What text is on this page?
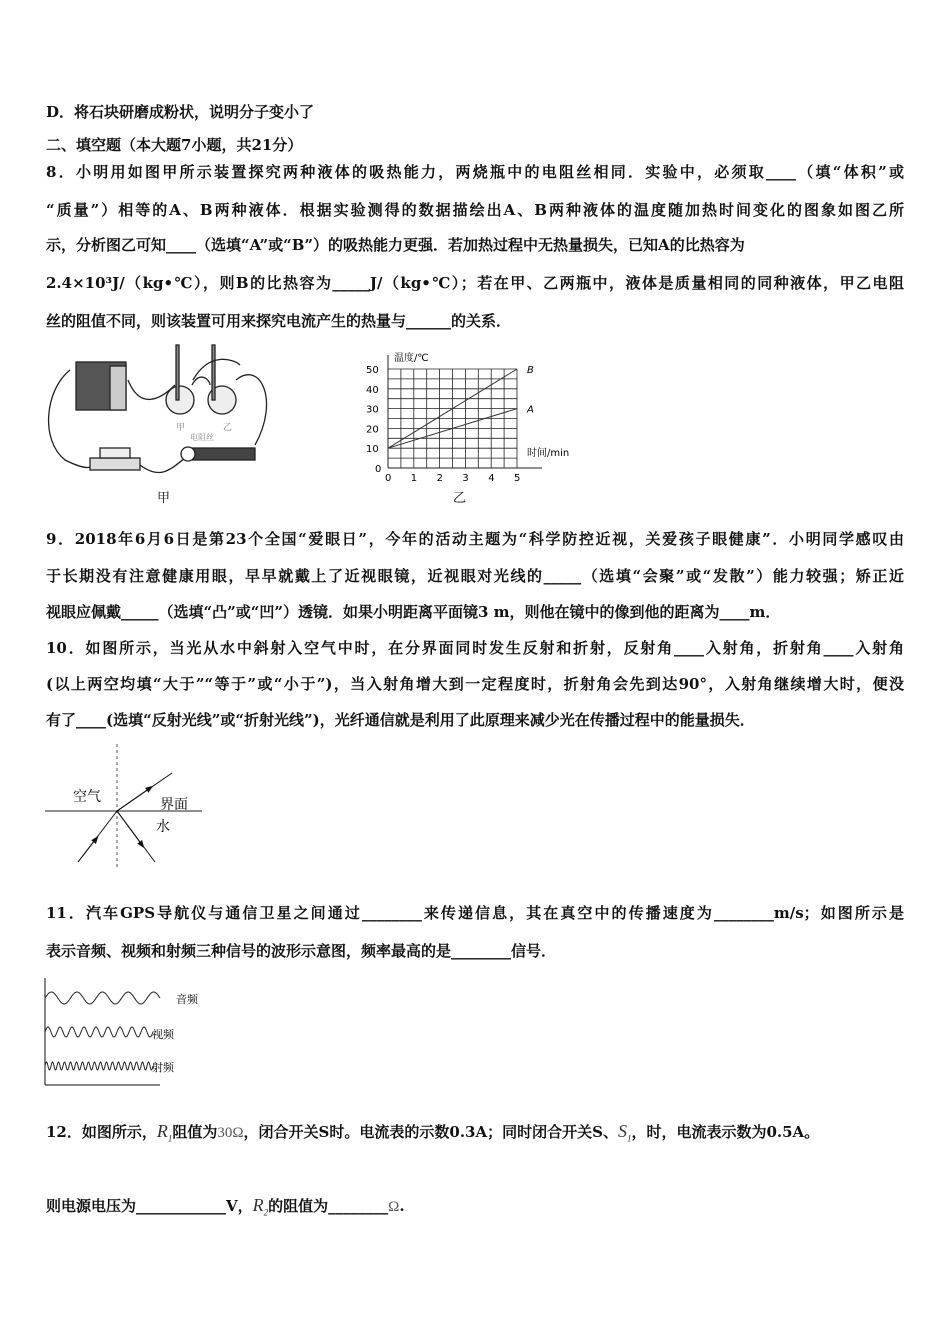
D．将石块研磨成粉状，说明分子变小了
二、填空题（本大题7小题，共21分）
8．小明用如图甲所示装置探究两种液体的吸热能力，两烧瓶中的电阻丝相同．实验中，必须取____（填“体积”或
“质量”）相等的A、B两种液体．根据实验测得的数据描绘出A、B两种液体的温度随加热时间变化的图象如图乙所
示，分析图乙可知____（选填“A”或“B”）的吸热能力更强．若加热过程中无热量损失，已知A的比热容为
2.4×10³J/（kg•℃），则B的比热容为_____J/（kg•℃）；若在甲、乙两瓶中，液体是质量相同的同种液体，甲乙电阻
丝的阻值不同，则该装置可用来探究电流产生的热量与______的关系．
甲	乙
电阻丝
甲
0 1 2 3 4 5
10
20
30
40
50
0
温度/℃
时间/min
B
A
乙
9．2018年6月6日是第23个全国“爱眼日”，今年的活动主题为“科学防控近视，关爱孩子眼健康”．小明同学感叹由
于长期没有注意健康用眼，早早就戴上了近视眼镜，近视眼对光线的_____（选填“会聚”或“发散”）能力较强；矫正近
视眼应佩戴_____（选填“凸”或“凹”）透镜．如果小明距离平面镜3 m，则他在镜中的像到他的距离为____m．
10．如图所示，当光从水中斜射入空气中时，在分界面同时发生反射和折射，反射角____入射角，折射角____入射角
(以上两空均填“大于”“等于”或“小于”)，当入射角增大到一定程度时，折射角会先到达90°，入射角继续增大时，便没
有了____(选填“反射光线”或“折射光线”)，光纤通信就是利用了此原理来减少光在传播过程中的能量损失．
空气	界面
水
11．汽车GPS导航仪与通信卫星之间通过________来传递信息，其在真空中的传播速度为________m/s；如图所示是
表示音频、视频和射频三种信号的波形示意图，频率最高的是________信号．
音频
视频
射频
12．如图所示，$R_1$阻值为30Ω，闭合开关S时。电流表的示数0.3A；同时闭合开关S、$S_1$，时，电流表示数为0.5A。
则电源电压为____________V，$R_2$的阻值为________Ω.
